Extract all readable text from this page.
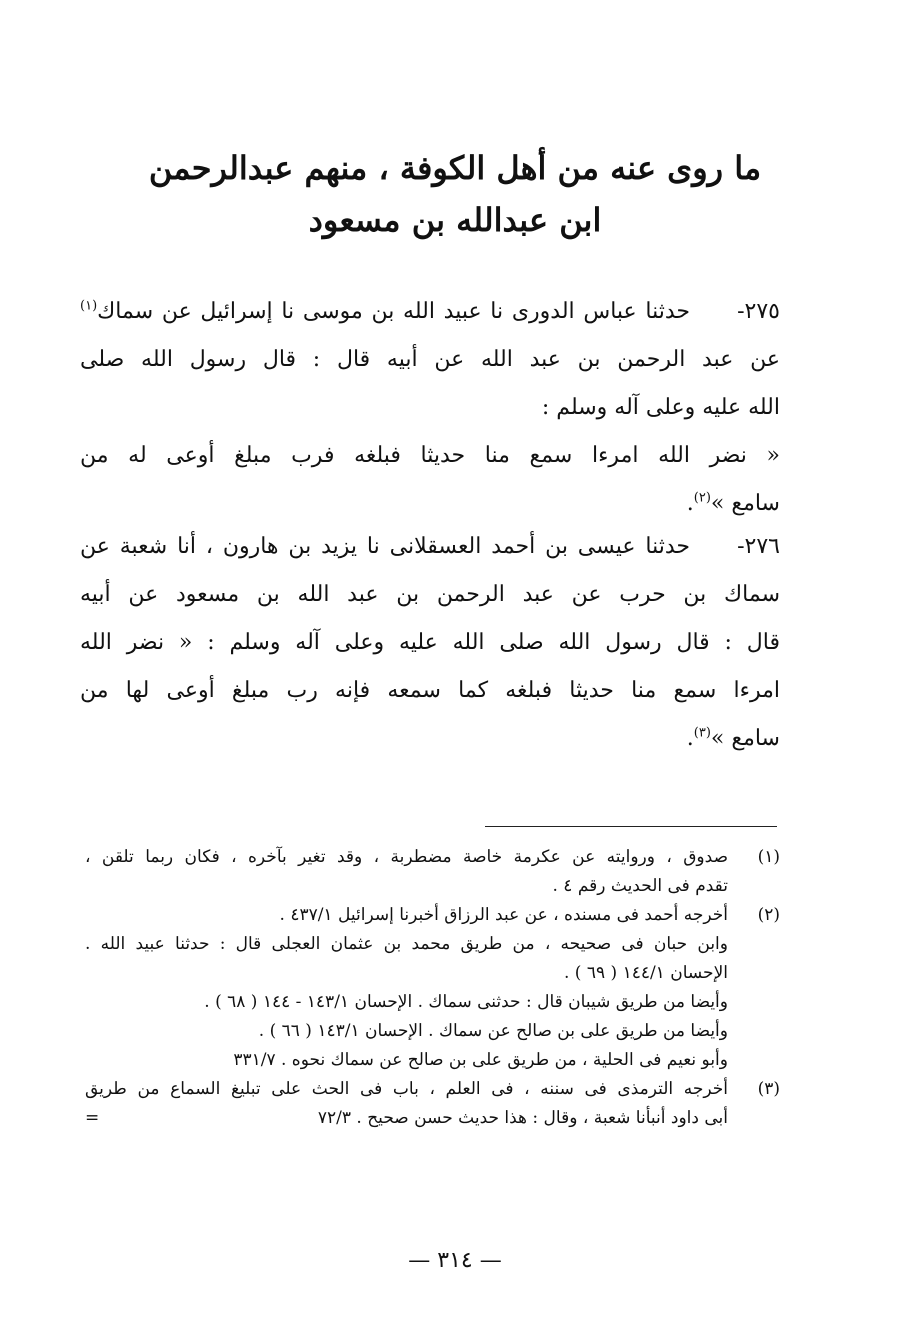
ما روى عنه من أهل الكوفة ، منهم عبدالرحمن
ابن عبدالله بن مسعود
٢٧٥-
حدثنا عباس الدورى نا عبيد الله بن موسى نا إسرائيل عن سماك$^{(١)}$
عن عبد الرحمن بن عبد الله عن أبيه قال : قال رسول الله صلى
الله عليه وعلى آله وسلم :
« نضر الله امرءا سمع منا حديثا فبلغه فرب مبلغ أوعى له من
سامع »$^{(٢)}$.
٢٧٦-
حدثنا عيسى بن أحمد العسقلانى نا يزيد بن هارون ، أنا شعبة عن
سماك بن حرب عن عبد الرحمن بن عبد الله بن مسعود عن أبيه
قال : قال رسول الله صلى الله عليه وعلى آله وسلم : « نضر الله
امرءا سمع منا حديثا فبلغه كما سمعه فإنه رب مبلغ أوعى لها من
سامع »$^{(٣)}$.
(١)
صدوق ، وروايته عن عكرمة خاصة مضطربة ، وقد تغير بآخره ، فكان ربما تلقن ،
تقدم فى الحديث رقم ٤ .
(٢)
أخرجه أحمد فى مسنده ، عن عبد الرزاق أخبرنا إسرائيل ٤٣٧/١ .
وابن حبان فى صحيحه ، من طريق محمد بن عثمان العجلى قال : حدثنا عبيد الله .
الإحسان ١٤٤/١ ( ٦٩ ) .
وأيضا من طريق شيبان قال : حدثنى سماك . الإحسان ١٤٣/١ - ١٤٤ ( ٦٨ ) .
وأيضا من طريق على بن صالح عن سماك . الإحسان ١٤٣/١ ( ٦٦ ) .
وأبو نعيم فى الحلية ، من طريق على بن صالح عن سماك نحوه . ٣٣١/٧
(٣)
أخرجه الترمذى فى سننه ، فى العلم ، باب فى الحث على تبليغ السماع من طريق
أبى داود أنبأنا شعبة ، وقال : هذا حديث حسن صحيح . ٧٢/٣
=
— ٣١٤ —
